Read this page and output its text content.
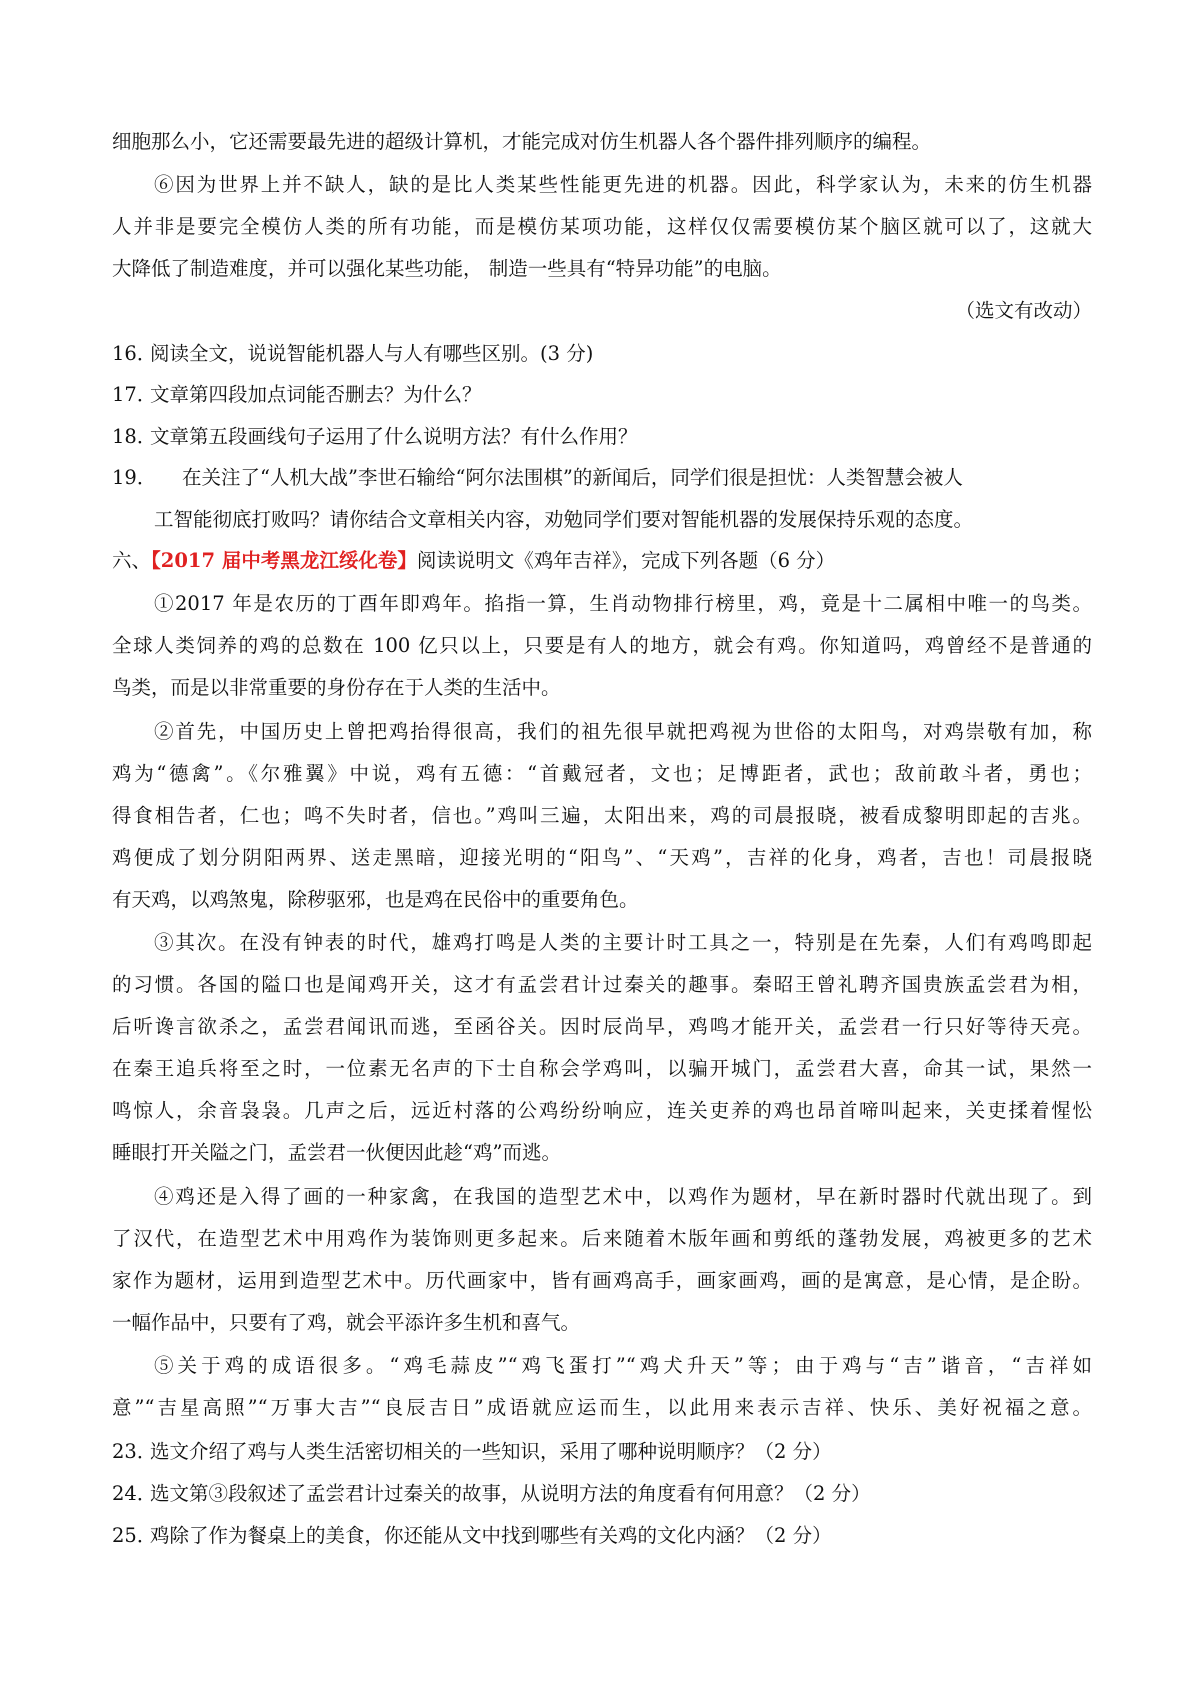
细胞那么小，它还需要最先进的超级计算机，才能完成对仿生机器人各个器件排列顺序的编程。
⑥因为世界上并不缺人，缺的是比人类某些性能更先进的机器。因此，科学家认为，未来的仿生机器
人并非是要完全模仿人类的所有功能，而是模仿某项功能，这样仅仅需要模仿某个脑区就可以了，这就大
大降低了制造难度，并可以强化某些功能， 制造一些具有“特异功能”的电脑。
（选文有改动）
16．阅读全文，说说智能机器人与人有哪些区别。(3 分)
17．文章第四段加点词能否删去？为什么？
18．文章第五段画线句子运用了什么说明方法？有什么作用？
19． 在关注了“人机大战”李世石输给“阿尔法围棋”的新闻后，同学们很是担忧：人类智慧会被人
工智能彻底打败吗？请你结合文章相关内容，劝勉同学们要对智能机器的发展保持乐观的态度。
六、【2017 届中考黑龙江绥化卷】阅读说明文《鸡年吉祥》，完成下列各题（6 分）
①2017 年是农历的丁酉年即鸡年。掐指一算，生肖动物排行榜里，鸡，竟是十二属相中唯一的鸟类。
全球人类饲养的鸡的总数在 100 亿只以上，只要是有人的地方，就会有鸡。你知道吗，鸡曾经不是普通的
鸟类，而是以非常重要的身份存在于人类的生活中。
②首先，中国历史上曾把鸡抬得很高，我们的祖先很早就把鸡视为世俗的太阳鸟，对鸡崇敬有加，称
鸡为“德禽”。《尔雅翼》中说，鸡有五德：“首戴冠者，文也；足博距者，武也；敌前敢斗者，勇也；
得食相告者，仁也；鸣不失时者，信也。”鸡叫三遍，太阳出来，鸡的司晨报晓，被看成黎明即起的吉兆。
鸡便成了划分阴阳两界、送走黑暗，迎接光明的“阳鸟”、“天鸡”，吉祥的化身，鸡者，吉也！司晨报晓
有天鸡，以鸡煞鬼，除秽驱邪，也是鸡在民俗中的重要角色。
③其次。在没有钟表的时代，雄鸡打鸣是人类的主要计时工具之一，特别是在先秦，人们有鸡鸣即起
的习惯。各国的隘口也是闻鸡开关，这才有孟尝君计过秦关的趣事。秦昭王曾礼聘齐国贵族孟尝君为相，
后听谗言欲杀之，孟尝君闻讯而逃，至函谷关。因时辰尚早，鸡鸣才能开关，孟尝君一行只好等待天亮。
在秦王追兵将至之时，一位素无名声的下士自称会学鸡叫，以骗开城门，孟尝君大喜，命其一试，果然一
鸣惊人，余音袅袅。几声之后，远近村落的公鸡纷纷响应，连关吏养的鸡也昂首啼叫起来，关吏揉着惺忪
睡眼打开关隘之门，孟尝君一伙便因此趁“鸡”而逃。
④鸡还是入得了画的一种家禽，在我国的造型艺术中，以鸡作为题材，早在新时器时代就出现了。到
了汉代，在造型艺术中用鸡作为装饰则更多起来。后来随着木版年画和剪纸的蓬勃发展，鸡被更多的艺术
家作为题材，运用到造型艺术中。历代画家中，皆有画鸡高手，画家画鸡，画的是寓意，是心情，是企盼。
一幅作品中，只要有了鸡，就会平添许多生机和喜气。
⑤关于鸡的成语很多。“鸡毛蒜皮”“鸡飞蛋打”“鸡犬升天”等；由于鸡与“吉”谐音，“吉祥如
意”“吉星高照”“万事大吉”“良辰吉日”成语就应运而生，以此用来表示吉祥、快乐、美好祝福之意。
23．选文介绍了鸡与人类生活密切相关的一些知识，采用了哪种说明顺序？（2 分）
24．选文第③段叙述了孟尝君计过秦关的故事，从说明方法的角度看有何用意？（2 分）
25．鸡除了作为餐桌上的美食，你还能从文中找到哪些有关鸡的文化内涵？（2 分）
